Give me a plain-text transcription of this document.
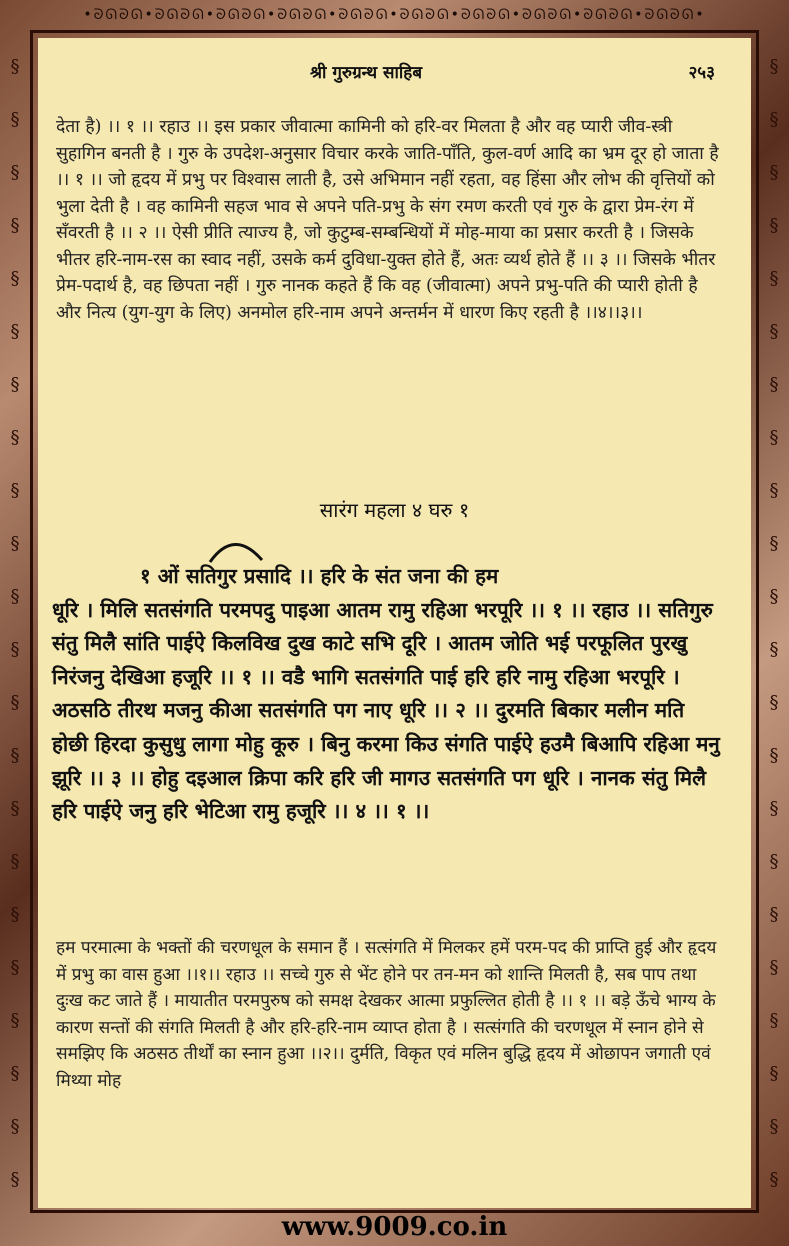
•ᘐᘏᘐᘏ•ᘐᘏᘐᘏ•ᘐᘏᘐᘏ•ᘐᘏᘐᘏ•ᘐᘏᘐᘏ•ᘐᘏᘐᘏ•ᘐᘏᘐᘏ•ᘐᘏᘐᘏ•ᘐᘏᘐᘏ•ᘐᘏᘐᘏ•
§
§
§
§
§
§
§
§
§
§
§
§
§
§
§
§
§
§
§
§
§
§
§
§
§
§
§
§
§
§
§
§
§
§
§
§
§
§
§
§
§
§
§
§
श्री गुरुग्रन्थ साहिब	२५३
देता है) ।। १ ।। रहाउ ।। इस प्रकार जीवात्मा कामिनी को हरि-वर मिलता है और वह प्यारी जीव-स्त्री सुहागिन बनती है । गुरु के उपदेश-अनुसार विचार करके जाति-पाँति, कुल-वर्ण आदि का भ्रम दूर हो जाता है ।। १ ।। जो हृदय में प्रभु पर विश्वास लाती है, उसे अभिमान नहीं रहता, वह हिंसा और लोभ की वृत्तियों को भुला देती है । वह कामिनी सहज भाव से अपने पति-प्रभु के संग रमण करती एवं गुरु के द्वारा प्रेम-रंग में सँवरती है ।। २ ।। ऐसी प्रीति त्याज्य है, जो कुटुम्ब-सम्बन्धियों में मोह-माया का प्रसार करती है । जिसके भीतर हरि-नाम-रस का स्वाद नहीं, उसके कर्म दुविधा-युक्त होते हैं, अतः व्यर्थ होते हैं ।। ३ ।। जिसके भीतर प्रेम-पदार्थ है, वह छिपता नहीं । गुरु नानक कहते हैं कि वह (जीवात्मा) अपने प्रभु-पति की प्यारी होती है और नित्य (युग-युग के लिए) अनमोल हरि-नाम अपने अन्तर्मन में धारण किए रहती है ।।४।।३।।
सारंग महला ४ घरु १
१ ओं सतिगुर प्रसादि ।। हरि के संत जना की हम
धूरि । मिलि सतसंगति परमपदु पाइआ आतम रामु रहिआ भरपूरि ।। १ ।। रहाउ ।। सतिगुरु संतु मिलै सांति पाईऐ किलविख दुख काटे सभि दूरि । आतम जोति भई परफूलित पुरखु निरंजनु देखिआ हजूरि ।। १ ।। वडै भागि सतसंगति पाई हरि हरि नामु रहिआ भरपूरि । अठसठि तीरथ मजनु कीआ सतसंगति पग नाए धूरि ।। २ ।। दुरमति बिकार मलीन मति होछी हिरदा कुसुधु लागा मोहु कूरु । बिनु करमा किउ संगति पाईऐ हउमै बिआपि रहिआ मनु झूरि ।। ३ ।। होहु दइआल क्रिपा करि हरि जी मागउ सतसंगति पग धूरि । नानक संतु मिलै हरि पाईऐ जनु हरि भेटिआ रामु हजूरि ।। ४ ।। १ ।।
हम परमात्मा के भक्तों की चरणधूल के समान हैं । सत्संगति में मिलकर हमें परम-पद की प्राप्ति हुई और हृदय में प्रभु का वास हुआ ।।१।। रहाउ ।। सच्चे गुरु से भेंट होने पर तन-मन को शान्ति मिलती है, सब पाप तथा दुःख कट जाते हैं । मायातीत परमपुरुष को समक्ष देखकर आत्मा प्रफुल्लित होती है ।। १ ।। बड़े ऊँचे भाग्य के कारण सन्तों की संगति मिलती है और हरि-हरि-नाम व्याप्त होता है । सत्संगति की चरणधूल में स्नान होने से समझिए कि अठसठ तीर्थों का स्नान हुआ ।।२।। दुर्मति, विकृत एवं मलिन बुद्धि हृदय में ओछापन जगाती एवं मिथ्या मोह
www.9009.co.in
